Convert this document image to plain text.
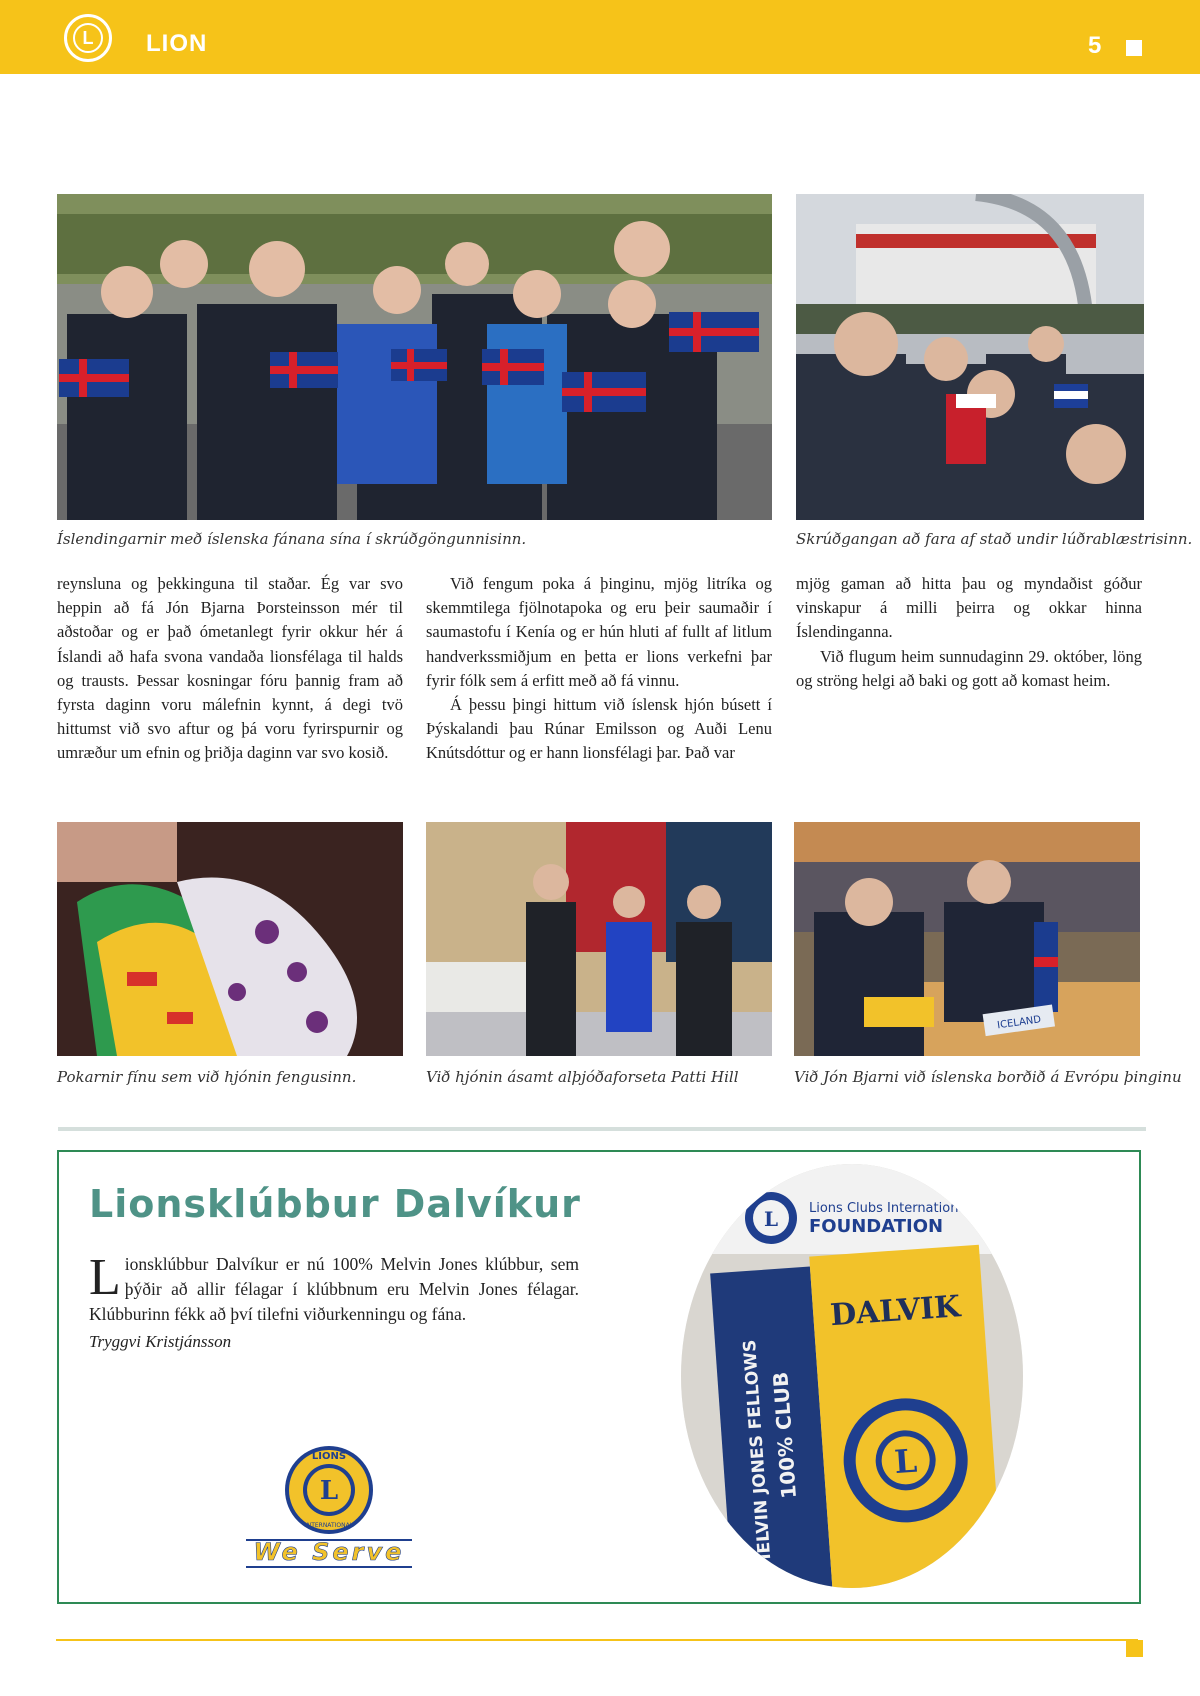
L	LION	5
Íslendingarnir með íslenska fánana sína í skrúðgöngunnisinn.	Skrúðgangan að fara af stað undir lúðrablæstrisinn.

reynsluna og þekkinguna til staðar. Ég var svo heppin að fá Jón Bjarna Þorsteinsson mér til aðstoðar og er það ómetanlegt fyrir okkur hér á Íslandi að hafa svona vandaða lionsfélaga til halds og trausts. Þessar kosningar fóru þannig fram að fyrsta daginn voru málefnin kynnt, á degi tvö hittumst við svo aftur og þá voru fyrirspurnir og umræður um efnin og þriðja daginn var svo kosið.

Við fengum poka á þinginu, mjög litríka og skemmtilega fjölnotapoka og eru þeir saumaðir í saumastofu í Kenía og er hún hluti af fullt af litlum handverkssmiðjum en þetta er lions verkefni þar fyrir fólk sem á erfitt með að fá vinnu.

Á þessu þingi hittum við íslensk hjón búsett í Þýskalandi þau Rúnar Emilsson og Auði Lenu Knútsdóttur og er hann lionsfélagi þar. Það var

mjög gaman að hitta þau og myndaðist góður vinskapur á milli þeirra og okkar hinna Íslendinganna.

Við flugum heim sunnudaginn 29. október, löng og ströng helgi að baki og gott að komast heim.

Pokarnir fínu sem við hjónin fengusinn.	Við hjónin ásamt alþjóðaforseta Patti Hill
ICELAND
Við Jón Bjarni við íslenska borðið á Evrópu þinginu
Lionsklúbbur Dalvíkur
Lionsklúbbur Dalvíkur er nú 100% Melvin Jones klúbbur, sem þýðir að allir félagar í klúbbnum eru Melvin Jones félagar. Klúbburinn fékk að því tilefni viðurkenningu og fána.
Tryggvi Kristjánsson
LIONS
L
INTERNATIONAL
We Serve
L Lions Clubs International
FOUNDATION
DALVIK
L
MELVIN JONES FELLOWS
100% CLUB
